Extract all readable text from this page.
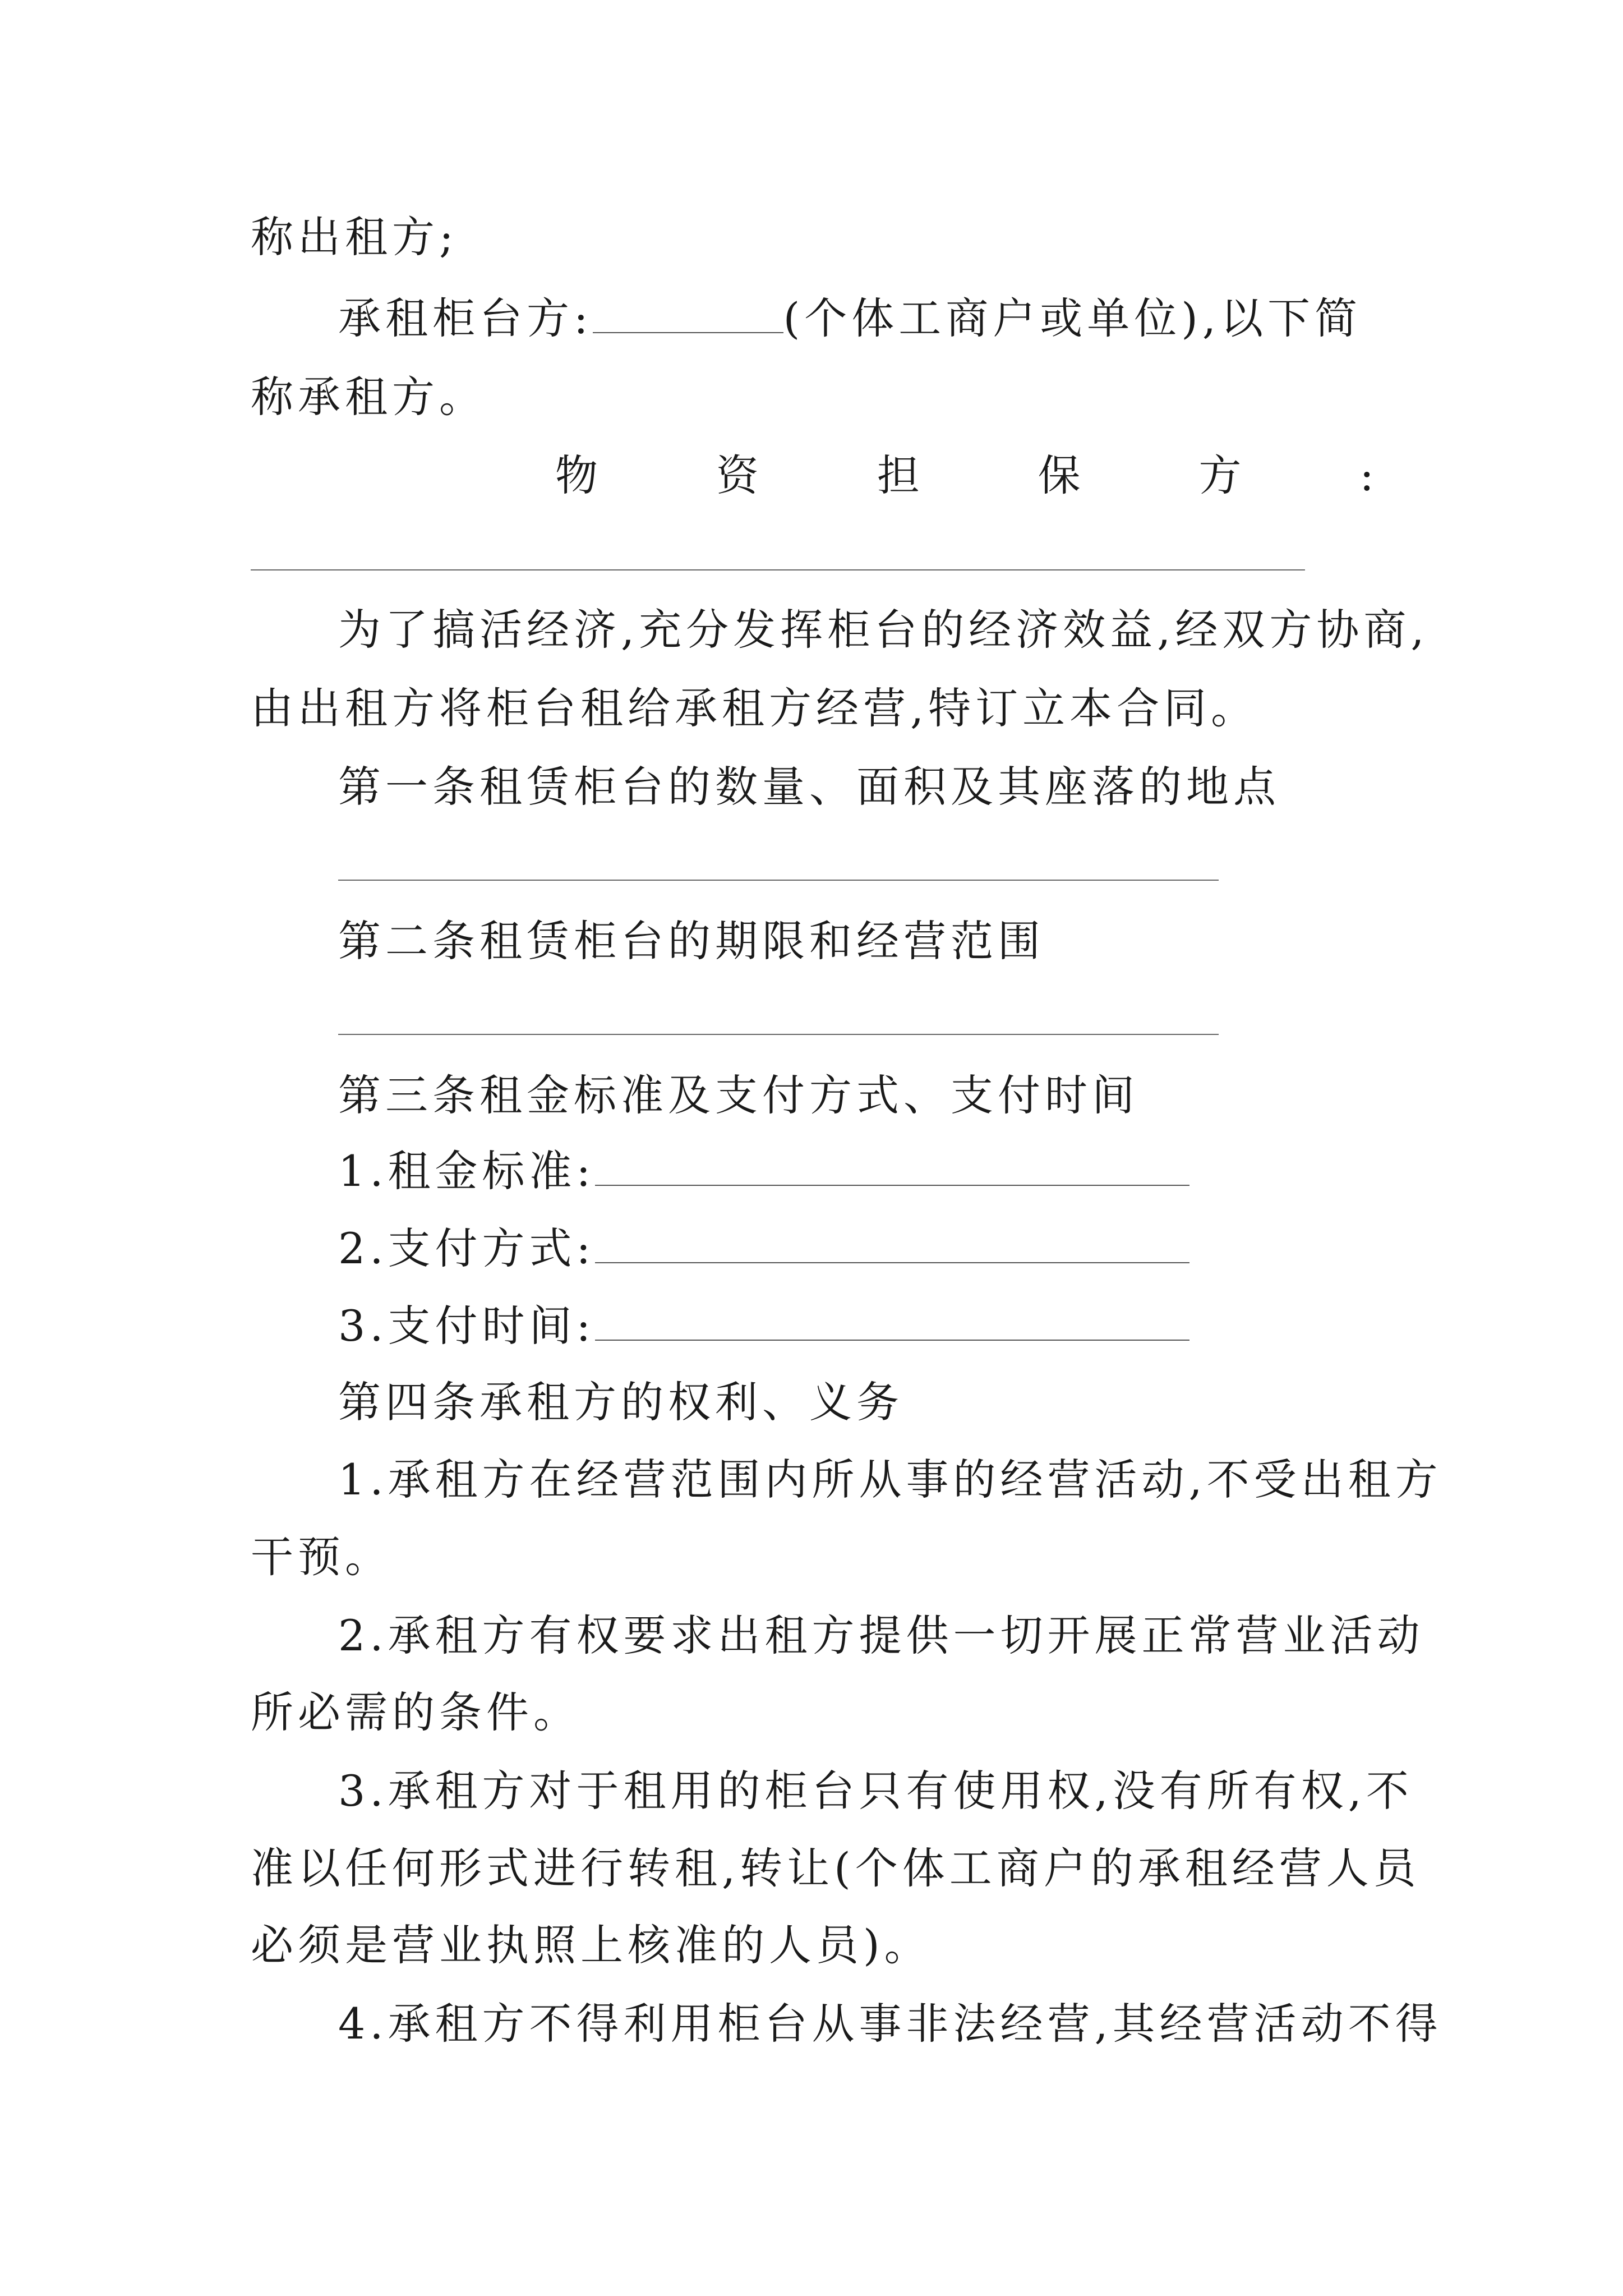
称出租方;
承租柜台方:	(个体工商户或单位),以下简
称承租方。
物	资	担	保	方	:
为了搞活经济,充分发挥柜台的经济效益,经双方协商,
由出租方将柜台租给承租方经营,特订立本合同。
第一条租赁柜台的数量、面积及其座落的地点
第二条租赁柜台的期限和经营范围
第三条租金标准及支付方式、支付时间
1.租金标准:
2.支付方式:
3.支付时间:
第四条承租方的权利、义务
1.承租方在经营范围内所从事的经营活动,不受出租方
干预。
2.承租方有权要求出租方提供一切开展正常营业活动
所必需的条件。
3.承租方对于租用的柜台只有使用权,没有所有权,不
准以任何形式进行转租,转让(个体工商户的承租经营人员
必须是营业执照上核准的人员)。
4.承租方不得利用柜台从事非法经营,其经营活动不得
